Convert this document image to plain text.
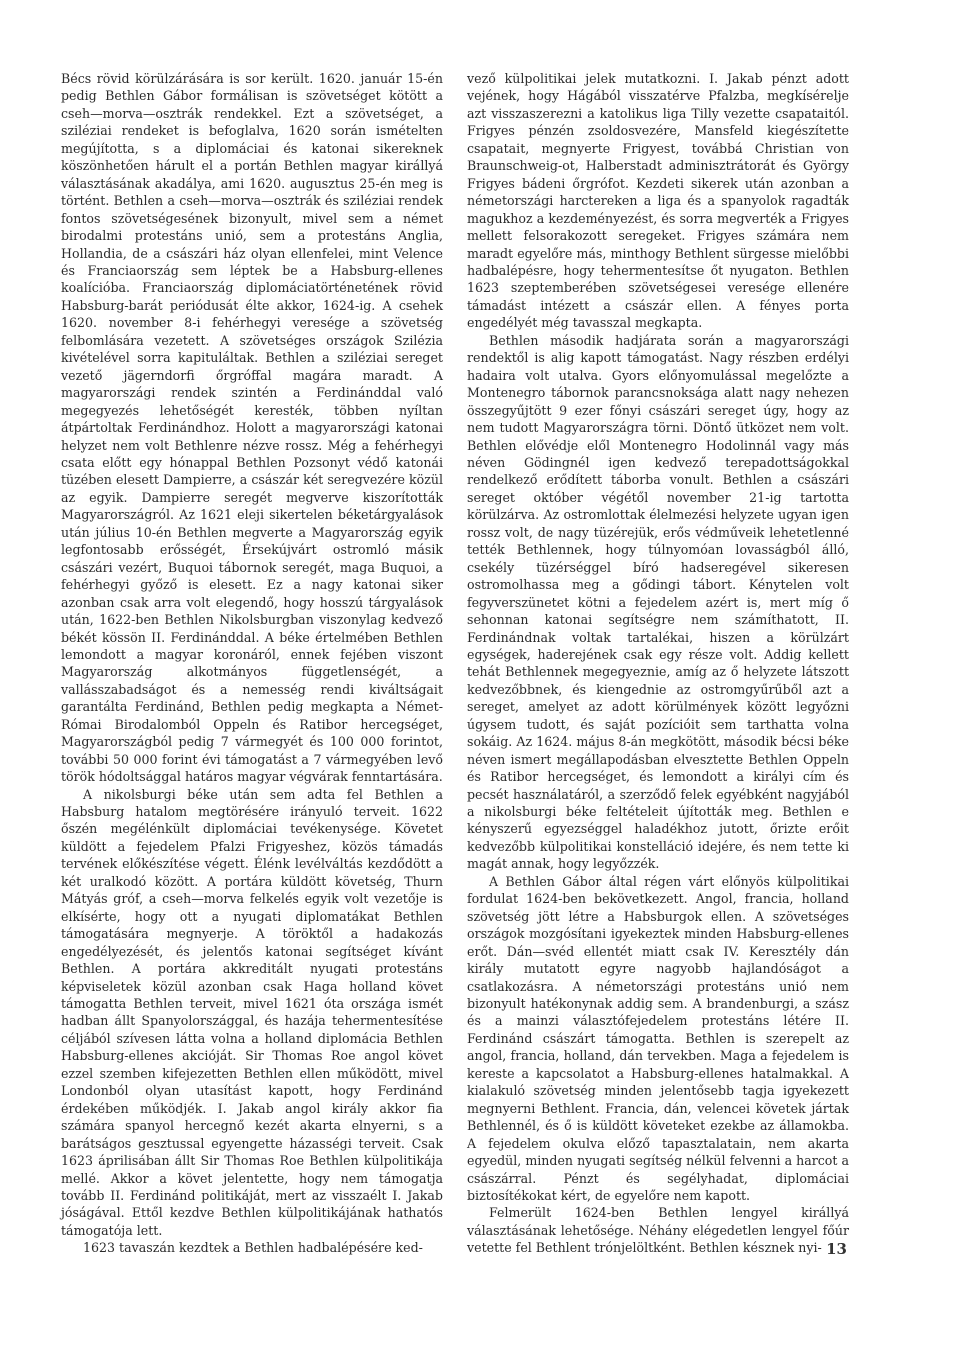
Bécs rövid körülzárására is sor került. 1620. január 15-én pedig Bethlen Gábor formálisan is szövetséget kötött a cseh—morva—osztrák rendekkel. Ezt a szövetséget, a sziléziai rendeket is befoglalva, 1620 során ismételten megújította, s a diplomáciai és katonai sikereknek köszönhetően hárult el a portán Bethlen magyar királlyá választásának akadálya, ami 1620. augusztus 25-én meg is történt. Bethlen a cseh—morva—osztrák és sziléziai rendek fontos szövetségesének bizonyult, mivel sem a német birodalmi protestáns unió, sem a protestáns Anglia, Hollandia, de a császári ház olyan ellenfelei, mint Velence és Franciaország sem léptek be a Habsburg-ellenes koalícióba. Franciaország diplomáciatörténetének rövid Habsburg-barát periódusát élte akkor, 1624-ig. A csehek 1620. november 8-i fehérhegyi veresége a szövetség felbomlására vezetett. A szövetséges országok Szilézia kivételével sorra kapituláltak. Bethlen a sziléziai sereget vezető jägerndorfi őrgróffal magára maradt. A magyarországi rendek szintén a Ferdinánddal való megegyezés lehetőségét keresték, többen nyíltan átpártoltak Ferdinándhoz. Holott a magyarországi katonai helyzet nem volt Bethlenre nézve rossz. Még a fehérhegyi csata előtt egy hónappal Bethlen Pozsonyt védő katonái tüzében elesett Dampierre, a császár két seregvezére közül az egyik. Dampierre seregét megverve kiszorították Magyarországról. Az 1621 eleji sikertelen béketárgyalások után július 10-én Bethlen megverte a Magyarország egyik legfontosabb erősségét, Érsekújvárt ostromló másik császári vezért, Buquoi tábornok seregét, maga Buquoi, a fehérhegyi győző is elesett. Ez a nagy katonai siker azonban csak arra volt elegendő, hogy hosszú tárgyalások után, 1622-ben Bethlen Nikolsburgban viszonylag kedvező békét kössön II. Ferdinánddal. A béke értelmében Bethlen lemondott a magyar koronáról, ennek fejében viszont Magyarország alkotmányos függetlenségét, a vallásszabadságot és a nemesség rendi kiváltságait garantálta Ferdinánd, Bethlen pedig megkapta a Német-Római Birodalomból Oppeln és Ratibor hercegséget, Magyarországból pedig 7 vármegyét és 100 000 forintot, további 50 000 forint évi támogatást a 7 vármegyében levő török hódoltsággal határos magyar végvárak fenntartására.

A nikolsburgi béke után sem adta fel Bethlen a Habsburg hatalom megtörésére irányuló terveit. 1622 őszén megélénkült diplomáciai tevékenysége. Követet küldött a fejedelem Pfalzi Frigyeshez, közös támadás tervének előkészítése végett. Élénk levélváltás kezdődött a két uralkodó között. A portára küldött követség, Thurn Mátyás gróf, a cseh—morva felkelés egyik volt vezetője is elkísérte, hogy ott a nyugati diplomatákat Bethlen támogatására megnyerje. A töröktől a hadakozás engedélyezését, és jelentős katonai segítséget kívánt Bethlen. A portára akkreditált nyugati protestáns képviseletek közül azonban csak Haga holland követ támogatta Bethlen terveit, mivel 1621 óta országa ismét hadban állt Spanyolországgal, és hazája tehermentesítése céljából szívesen látta volna a holland diplomácia Bethlen Habsburg-ellenes akcióját. Sir Thomas Roe angol követ ezzel szemben kifejezetten Bethlen ellen működött, mivel Londonból olyan utasítást kapott, hogy Ferdinánd érdekében működjék. I. Jakab angol király akkor fia számára spanyol hercegnő kezét akarta elnyerni, s a barátságos gesztussal egyengette házasségi terveit. Csak 1623 áprilisában állt Sir Thomas Roe Bethlen külpolitikája mellé. Akkor a követ jelentette, hogy nem támogatja tovább II. Ferdinánd politikáját, mert az visszaélt I. Jakab jóságával. Ettől kezdve Bethlen külpolitikájának hathatós támogatója lett.

1623 tavaszán kezdtek a Bethlen hadbalépésére ked-

vező külpolitikai jelek mutatkozni. I. Jakab pénzt adott vejének, hogy Hágából visszatérve Pfalzba, megkísérelje azt visszaszerezni a katolikus liga Tilly vezette csapataitól. Frigyes pénzén zsoldosvezére, Mansfeld kiegészítette csapatait, megnyerte Frigyest, továbbá Christian von Braunschweig-ot, Halberstadt adminisztrátorát és György Frigyes bádeni őrgrófot. Kezdeti sikerek után azonban a németországi harctereken a liga és a spanyolok ragadták magukhoz a kezdeményezést, és sorra megverték a Frigyes mellett felsorakozott seregeket. Frigyes számára nem maradt egyelőre más, minthogy Bethlent sürgesse mielőbbi hadbalépésre, hogy tehermentesítse őt nyugaton. Bethlen 1623 szeptemberében szövetségesei veresége ellenére támadást intézett a császár ellen. A fényes porta engedélyét még tavasszal megkapta.

Bethlen második hadjárata során a magyarországi rendektől is alig kapott támogatást. Nagy részben erdélyi hadaira volt utalva. Gyors előnyomulással megelőzte a Montenegro tábornok parancsnoksága alatt nagy nehezen összegyűjtött 9 ezer főnyi császári sereget úgy, hogy az nem tudott Magyarországra törni. Döntő ütközet nem volt. Bethlen elővédje elől Montenegro Hodolinnál vagy más néven Gödingnél igen kedvező terepadottságokkal rendelkező erődített táborba vonult. Bethlen a császári sereget október végétől november 21-ig tartotta körülzárva. Az ostromlottak élelmezési helyzete ugyan igen rossz volt, de nagy tüzérejük, erős védműveik lehetetlenné tették Bethlennek, hogy túlnyomóan lovasságból álló, csekély tüzérséggel bíró hadseregével sikeresen ostromolhassa meg a gődingi tábort. Kénytelen volt fegyverszünetet kötni a fejedelem azért is, mert míg ő sehonnan katonai segítségre nem számíthatott, II. Ferdinándnak voltak tartalékai, hiszen a körülzárt egységek, haderejének csak egy része volt. Addig kellett tehát Bethlennek megegyeznie, amíg az ő helyzete látszott kedvezőbbnek, és kiengednie az ostromgyűrűből azt a sereget, amelyet az adott körülmények között legyőzni úgysem tudott, és saját pozícióit sem tarthatta volna sokáig. Az 1624. május 8-án megkötött, második bécsi béke néven ismert megállapodásban elvesztette Bethlen Oppeln és Ratibor hercegséget, és lemondott a királyi cím és pecsét használatáról, a szerződő felek egyébként nagyjából a nikolsburgi béke feltételeit újították meg. Bethlen e kényszerű egyezséggel haladékhoz jutott, őrizte erőit kedvezőbb külpolitikai konstelláció idejére, és nem tette ki magát annak, hogy legyőzzék.

A Bethlen Gábor által régen várt előnyös külpolitikai fordulat 1624-ben bekövetkezett. Angol, francia, holland szövetség jött létre a Habsburgok ellen. A szövetséges országok mozgósítani igyekeztek minden Habsburg-ellenes erőt. Dán—svéd ellentét miatt csak IV. Keresztély dán király mutatott egyre nagyobb hajlandóságot a csatlakozásra. A németországi protestáns unió nem bizonyult hatékonynak addig sem. A brandenburgi, a szász és a mainzi választófejedelem protestáns létére II. Ferdinánd császárt támogatta. Bethlen is szerepelt az angol, francia, holland, dán tervekben. Maga a fejedelem is kereste a kapcsolatot a Habsburg-ellenes hatalmakkal. A kialakuló szövetség minden jelentősebb tagja igyekezett megnyerni Bethlent. Francia, dán, velencei követek jártak Bethlennél, és ő is küldött követeket ezekbe az államokba. A fejedelem okulva előző tapasztalatain, nem akarta egyedül, minden nyugati segítség nélkül felvenni a harcot a császárral. Pénzt és segélyhadat, diplomáciai biztosítékokat kért, de egyelőre nem kapott.

Felmerült 1624-ben Bethlen lengyel királlyá választásának lehetősége. Néhány elégedetlen lengyel főúr vetette fel Bethlent trónjelöltként. Bethlen késznek nyi- 13
